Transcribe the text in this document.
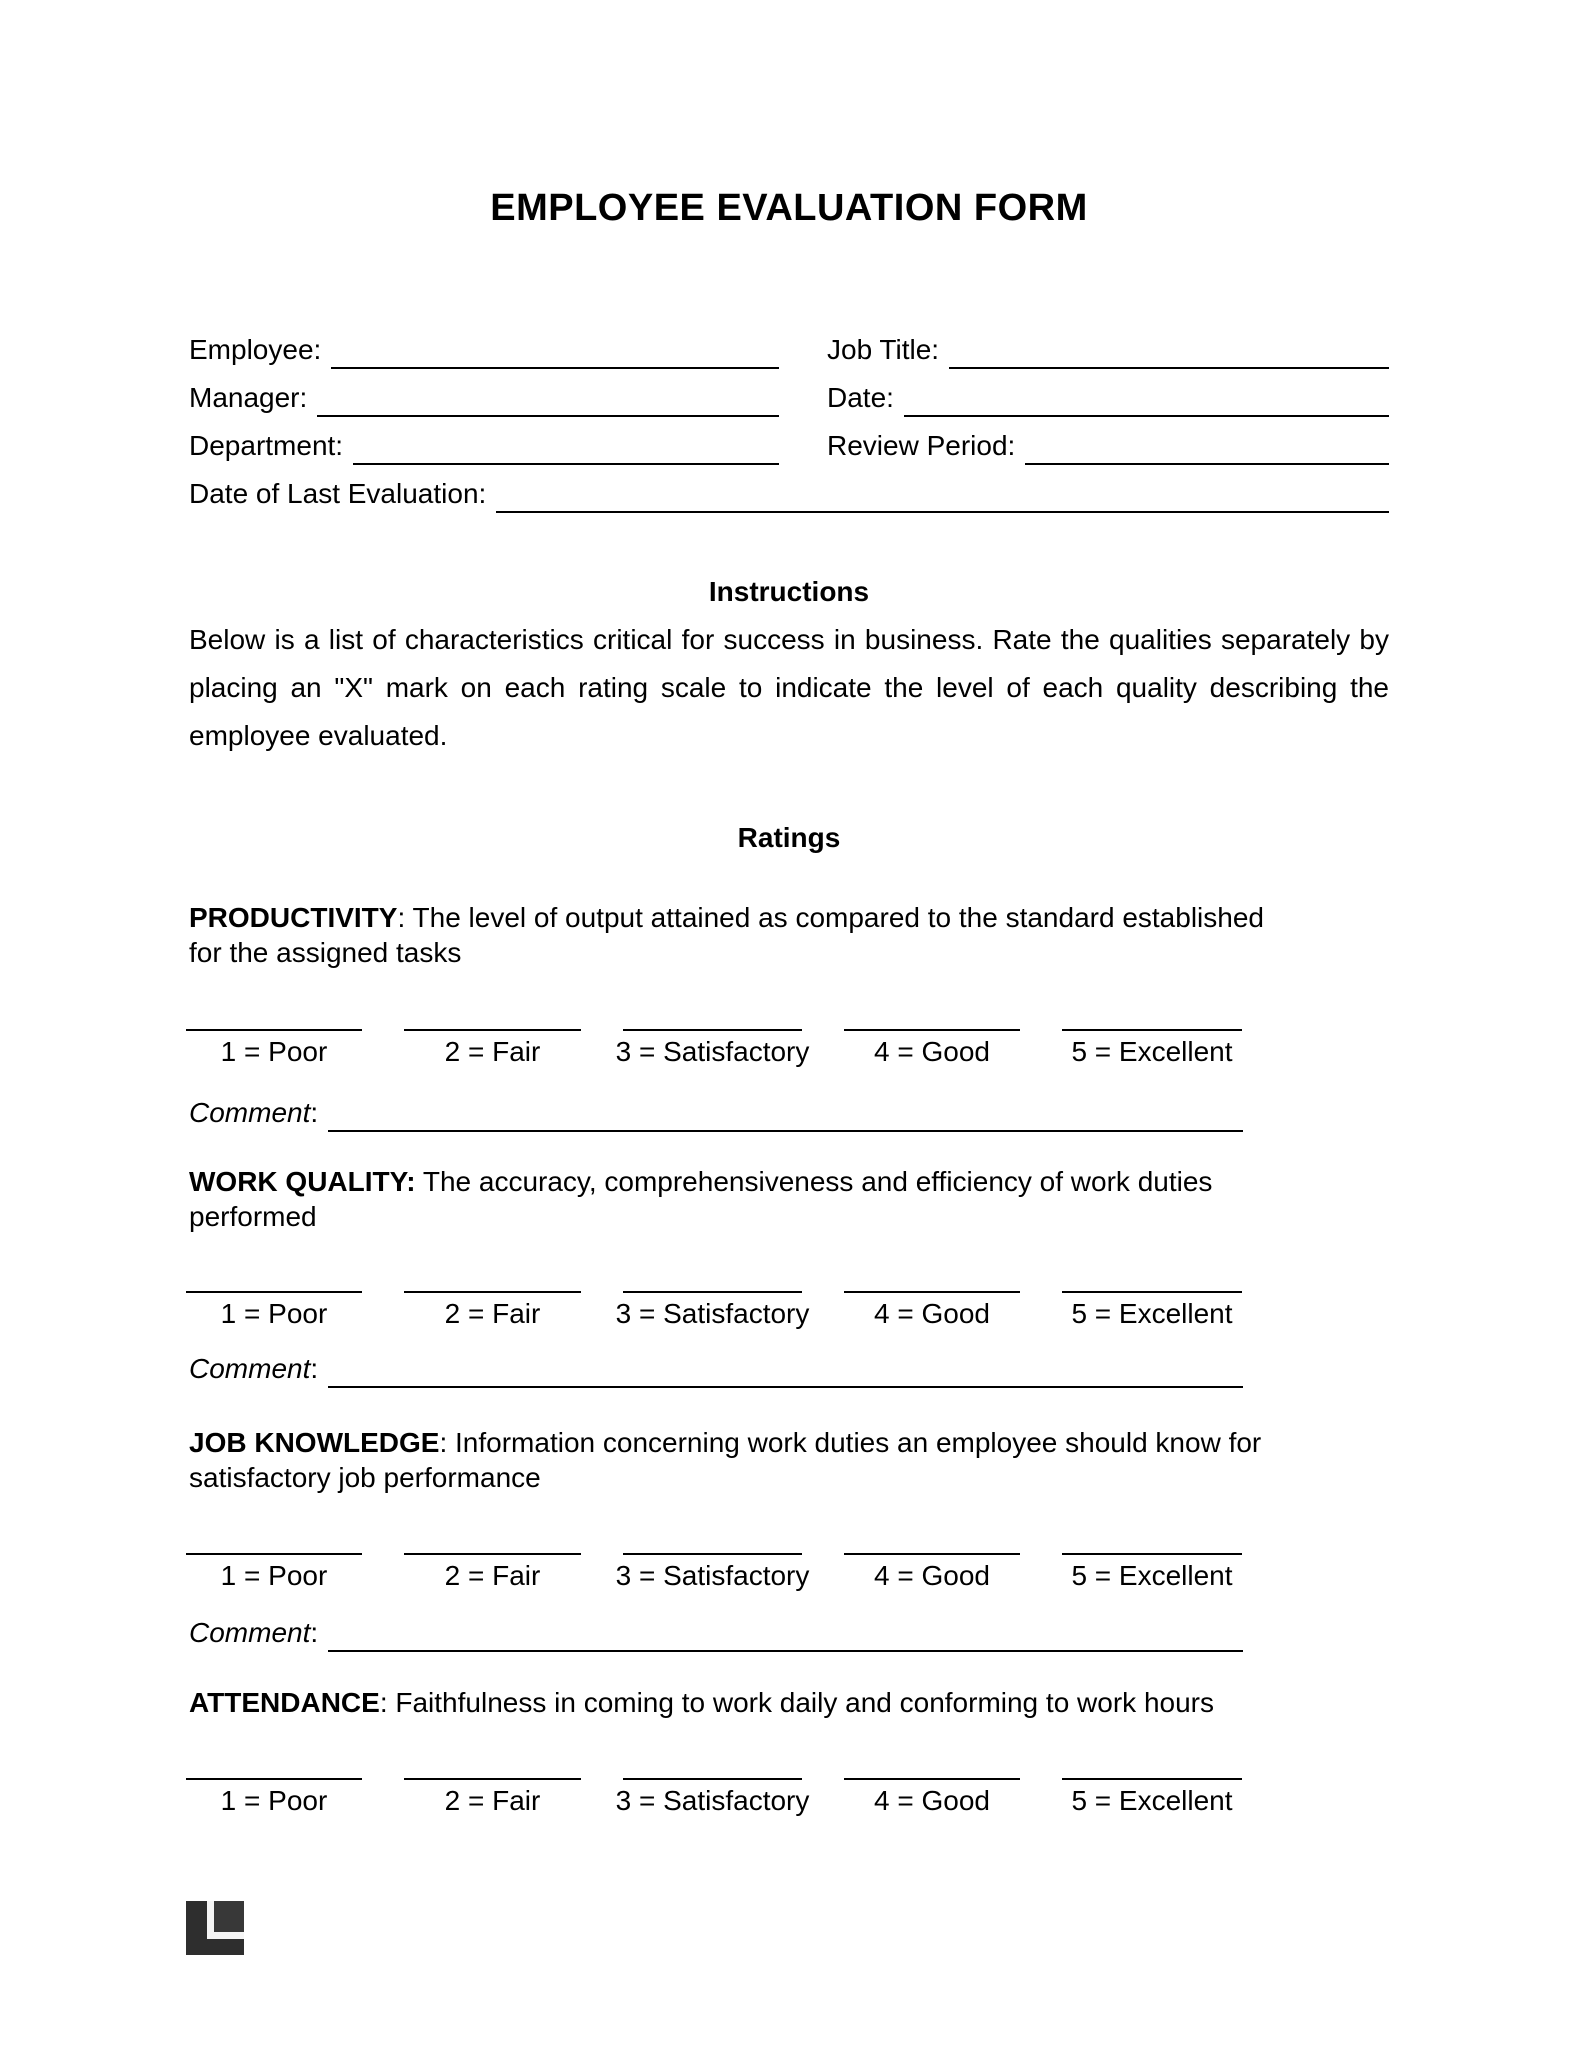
EMPLOYEE EVALUATION FORM
Employee:	Job Title:
Manager:	Date:
Department:	Review Period:
Date of Last Evaluation:
Instructions
Below is a list of characteristics critical for success in business. Rate the qualities separately by placing an "X" mark on each rating scale to indicate the level of each quality describing the employee evaluated.
Ratings
PRODUCTIVITY: The level of output attained as compared to the standard established for the assigned tasks
1 = Poor	2 = Fair	3 = Satisfactory 4 = Good	5 = Excellent
Comment :
WORK QUALITY: The accuracy, comprehensiveness and efficiency of work duties performed
1 = Poor	2 = Fair	3 = Satisfactory 4 = Good	5 = Excellent
Comment :
JOB KNOWLEDGE: Information concerning work duties an employee should know for satisfactory job performance
1 = Poor	2 = Fair	3 = Satisfactory 4 = Good	5 = Excellent
Comment :
ATTENDANCE: Faithfulness in coming to work daily and conforming to work hours
1 = Poor	2 = Fair	3 = Satisfactory 4 = Good	5 = Excellent
